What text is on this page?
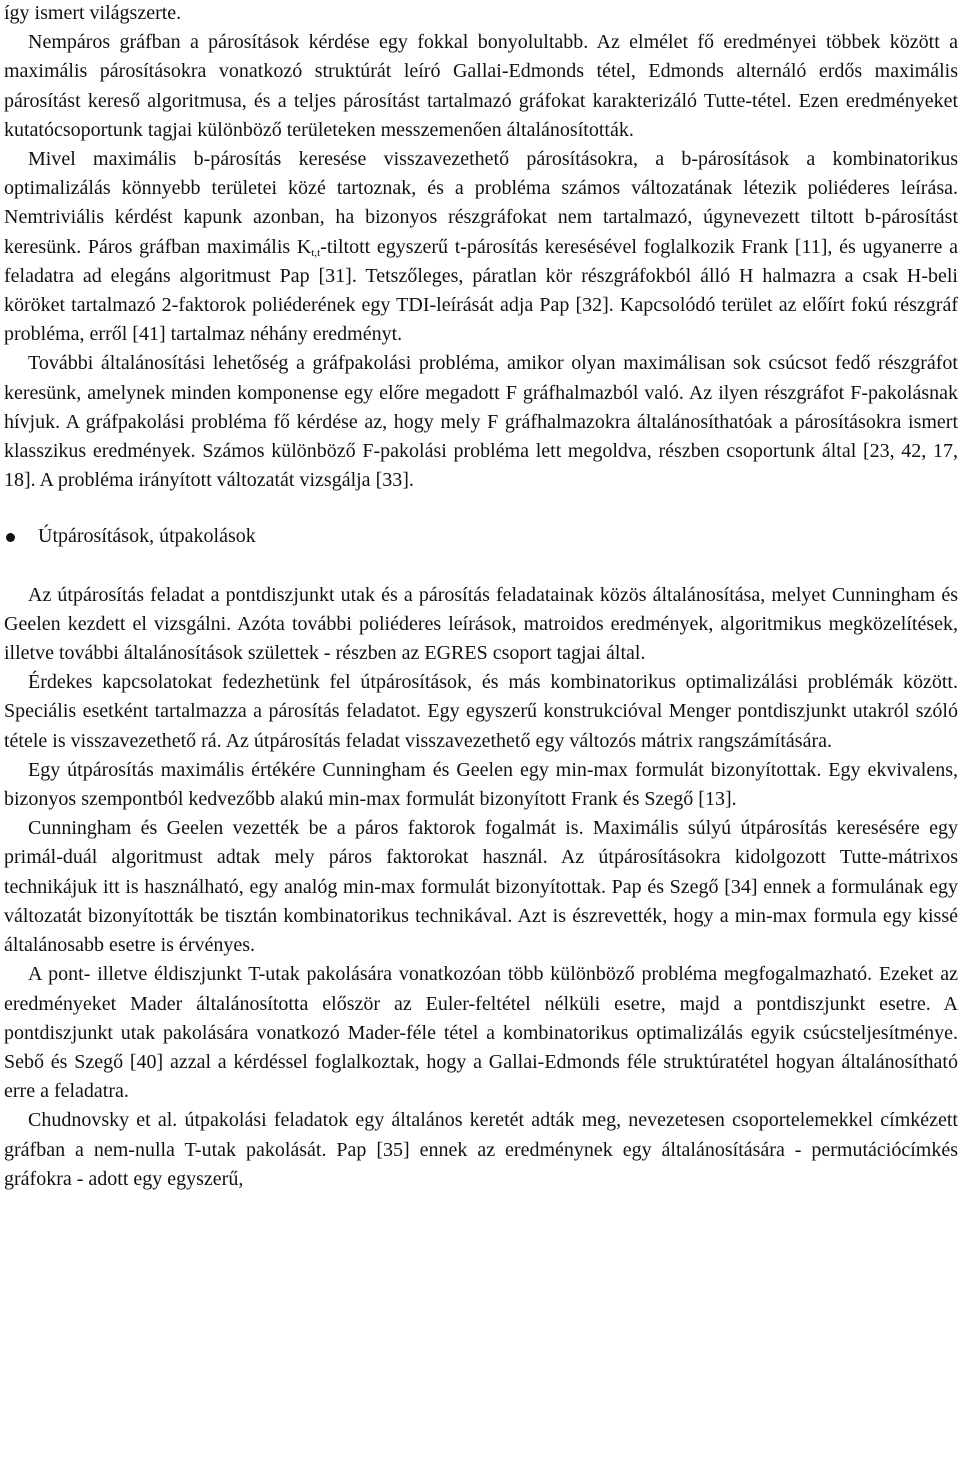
így ismert világszerte.

Nempáros gráfban a párosítások kérdése egy fokkal bonyolultabb. Az elmélet fő eredményei többek között a maximális párosításokra vonatkozó struktúrát leíró Gallai-Edmonds tétel, Edmonds alternáló erdős maximális párosítást kereső algoritmusa, és a teljes párosítást tartalmazó gráfokat karakterizáló Tutte-tétel. Ezen eredményeket kutatócsoportunk tagjai különböző területeken messzemenően általánosították.

Mivel maximális b-párosítás keresése visszavezethető párosításokra, a b-párosítások a kombinatorikus optimalizálás könnyebb területei közé tartoznak, és a probléma számos változatának létezik poliéderes leírása. Nemtriviális kérdést kapunk azonban, ha bizonyos részgráfokat nem tartalmazó, úgynevezett tiltott b-párosítást keresünk. Páros gráfban maximális $K_{t,t}$-tiltott egyszerű t-párosítás keresésével foglalkozik Frank [11], és ugyanerre a feladatra ad elegáns algoritmust Pap [31]. Tetszőleges, páratlan kör részgráfokból álló H halmazra a csak H-beli köröket tartalmazó 2-faktorok poliéderének egy TDI-leírását adja Pap [32]. Kapcsolódó terület az előírt fokú részgráf probléma, erről [41] tartalmaz néhány eredményt.

További általánosítási lehetőség a gráfpakolási probléma, amikor olyan maximálisan sok csúcsot fedő részgráfot keresünk, amelynek minden komponense egy előre megadott F gráfhalmazból való. Az ilyen részgráfot F-pakolásnak hívjuk. A gráfpakolási probléma fő kérdése az, hogy mely F gráfhalmazokra általánosíthatóak a párosításokra ismert klasszikus eredmények. Számos különböző F-pakolási probléma lett megoldva, részben csoportunk által [23, 42, 17, 18]. A probléma irányított változatát vizsgálja [33].

Útpárosítások, útpakolások

Az útpárosítás feladat a pontdiszjunkt utak és a párosítás feladatainak közös általánosítása, melyet Cunningham és Geelen kezdett el vizsgálni. Azóta további poliéderes leírások, matroidos eredmények, algoritmikus megközelítések, illetve további általánosítások születtek - részben az EGRES csoport tagjai által.

Érdekes kapcsolatokat fedezhetünk fel útpárosítások, és más kombinatorikus optimalizálási problémák között. Speciális esetként tartalmazza a párosítás feladatot. Egy egyszerű konstrukcióval Menger pontdiszjunkt utakról szóló tétele is visszavezethető rá. Az útpárosítás feladat visszavezethető egy változós mátrix rangszámítására.

Egy útpárosítás maximális értékére Cunningham és Geelen egy min-max formulát bizonyítottak. Egy ekvivalens, bizonyos szempontból kedvezőbb alakú min-max formulát bizonyított Frank és Szegő [13].

Cunningham és Geelen vezették be a páros faktorok fogalmát is. Maximális súlyú útpárosítás keresésére egy primál-duál algoritmust adtak mely páros faktorokat használ. Az útpárosításokra kidolgozott Tutte-mátrixos technikájuk itt is használható, egy analóg min-max formulát bizonyítottak. Pap és Szegő [34] ennek a formulának egy változatát bizonyították be tisztán kombinatorikus technikával. Azt is észrevették, hogy a min-max formula egy kissé általánosabb esetre is érvényes.

A pont- illetve éldiszjunkt T-utak pakolására vonatkozóan több különböző probléma megfogalmazható. Ezeket az eredményeket Mader általánosította először az Euler-feltétel nélküli esetre, majd a pontdiszjunkt esetre. A pontdiszjunkt utak pakolására vonatkozó Mader-féle tétel a kombinatorikus optimalizálás egyik csúcsteljesítménye. Sebő és Szegő [40] azzal a kérdéssel foglalkoztak, hogy a Gallai-Edmonds féle struktúratétel hogyan általánosítható erre a feladatra.

Chudnovsky et al. útpakolási feladatok egy általános keretét adták meg, nevezetesen csoportelemekkel címkézett gráfban a nem-nulla T-utak pakolását. Pap [35] ennek az eredménynek egy általánosítására - permutációcímkés gráfokra - adott egy egyszerű,
